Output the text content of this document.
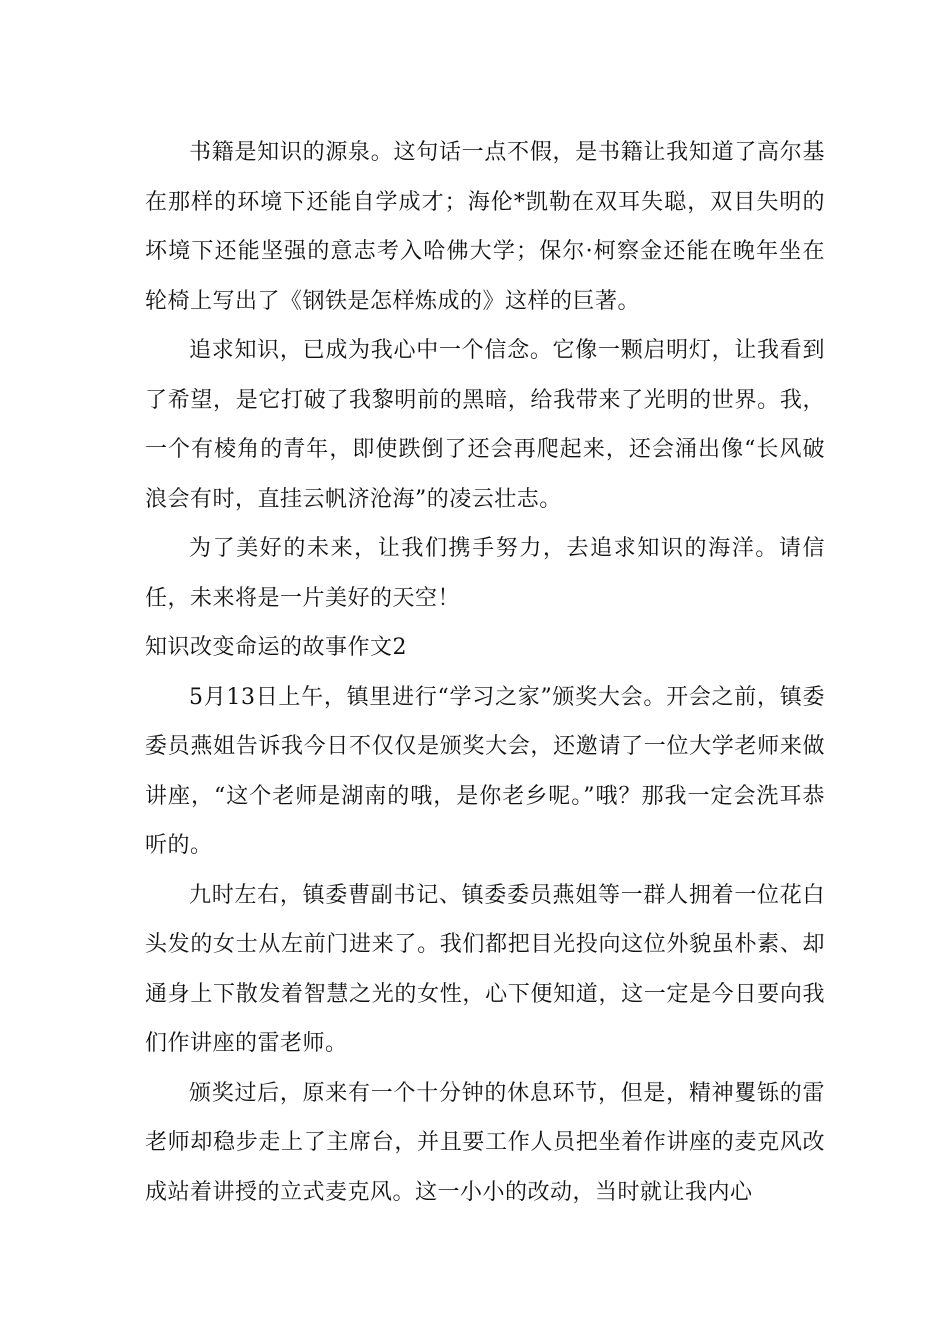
书籍是知识的源泉。这句话一点不假，是书籍让我知道了高尔基在那样的环境下还能自学成才；海伦*凯勒在双耳失聪，双目失明的坏境下还能坚强的意志考入哈佛大学；保尔·柯察金还能在晚年坐在轮椅上写出了《钢铁是怎样炼成的》这样的巨著。

追求知识，已成为我心中一个信念。它像一颗启明灯，让我看到了希望，是它打破了我黎明前的黑暗，给我带来了光明的世界。我，一个有棱角的青年，即使跌倒了还会再爬起来，还会涌出像“长风破浪会有时，直挂云帆济沧海”的凌云壮志。

为了美好的未来，让我们携手努力，去追求知识的海洋。请信任，未来将是一片美好的天空！

知识改变命运的故事作文2

5月13日上午，镇里进行“学习之家”颁奖大会。开会之前，镇委委员燕姐告诉我今日不仅仅是颁奖大会，还邀请了一位大学老师来做讲座，“这个老师是湖南的哦，是你老乡呢。”哦？那我一定会洗耳恭听的。

九时左右，镇委曹副书记、镇委委员燕姐等一群人拥着一位花白头发的女士从左前门进来了。我们都把目光投向这位外貌虽朴素、却通身上下散发着智慧之光的女性，心下便知道，这一定是今日要向我们作讲座的雷老师。

颁奖过后，原来有一个十分钟的休息环节，但是，精神矍铄的雷老师却稳步走上了主席台，并且要工作人员把坐着作讲座的麦克风改成站着讲授的立式麦克风。这一小小的改动，当时就让我内心
